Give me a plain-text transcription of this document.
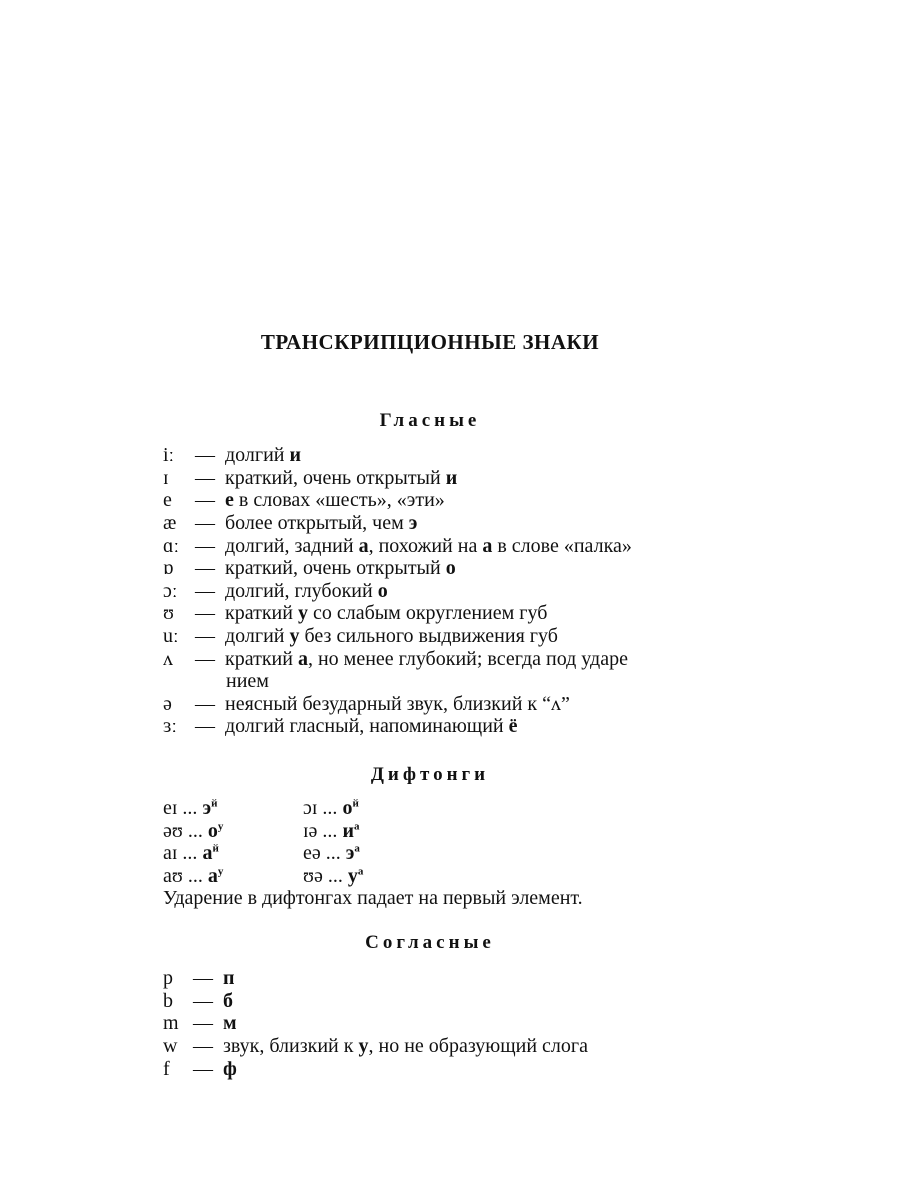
ТРАНСКРИПЦИОННЫЕ ЗНАКИ
Гласные
iː — долгий и
ɪ — краткий, очень открытый и
e — е в словах «шесть», «эти»
æ — более открытый, чем э
ɑː — долгий, задний а, похожий на а в слове «палка»
ɒ — краткий, очень открытый о
ɔː — долгий, глубокий о
ʊ — краткий у со слабым округлением губ
uː — долгий у без сильного выдвижения губ
ʌ — краткий а, но менее глубокий; всегда под ударе
нием
ə — неясный безударный звук, близкий к “ʌ”
ɜː — долгий гласный, напоминающий ё
Дифтонги
eɪ ... $э^й$	ɔɪ ... $о^й$
əʊ ... $о^у$	ɪə ... $и^а$
aɪ ... $а^й$	eə ... $э^а$
aʊ ... $а^у$	ʊə ... $у^а$
Ударение в дифтонгах падает на первый элемент.
Согласные
p — п
b — б
m — м
w — звук, близкий к у, но не образующий слога
f — ф
